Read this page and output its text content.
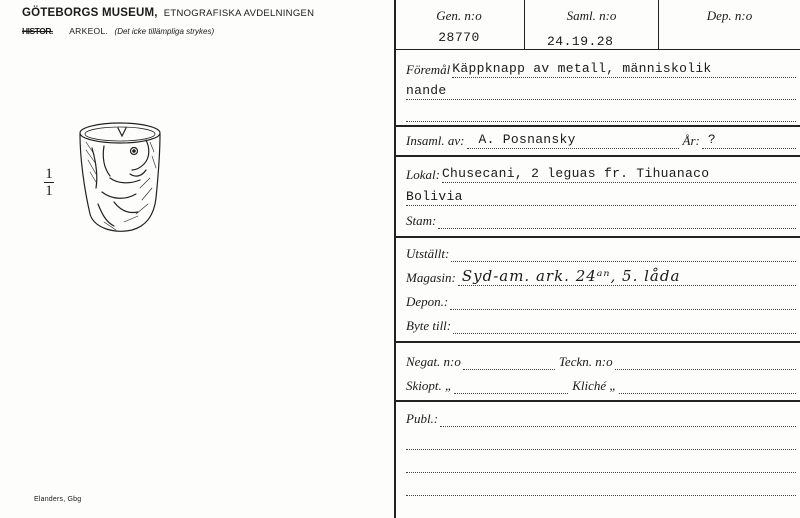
GÖTEBORGS MUSEUM, ETNOGRAFISKA AVDELNINGEN
HISTOR. ARKEOL. (Det icke tillämpliga strykes)
1
1
Elanders, Gbg
Gen. n:o
28770
Saml. n:o
24.19.28
Dep. n:o
Föremål Käppknapp av metall, människolik
nande
Insaml. av: A. Posnansky	År: ?
Lokal: Chusecani, 2 leguas fr. Tihuanaco
Bolivia
Stam:
Utställt:
Magasin: Syd-am. ark. 24ᵃⁿ, 5. låda
Depon.:
Byte till:
Negat. n:o	Teckn. n:o
Skiopt. „	Kliché „
Publ.:
